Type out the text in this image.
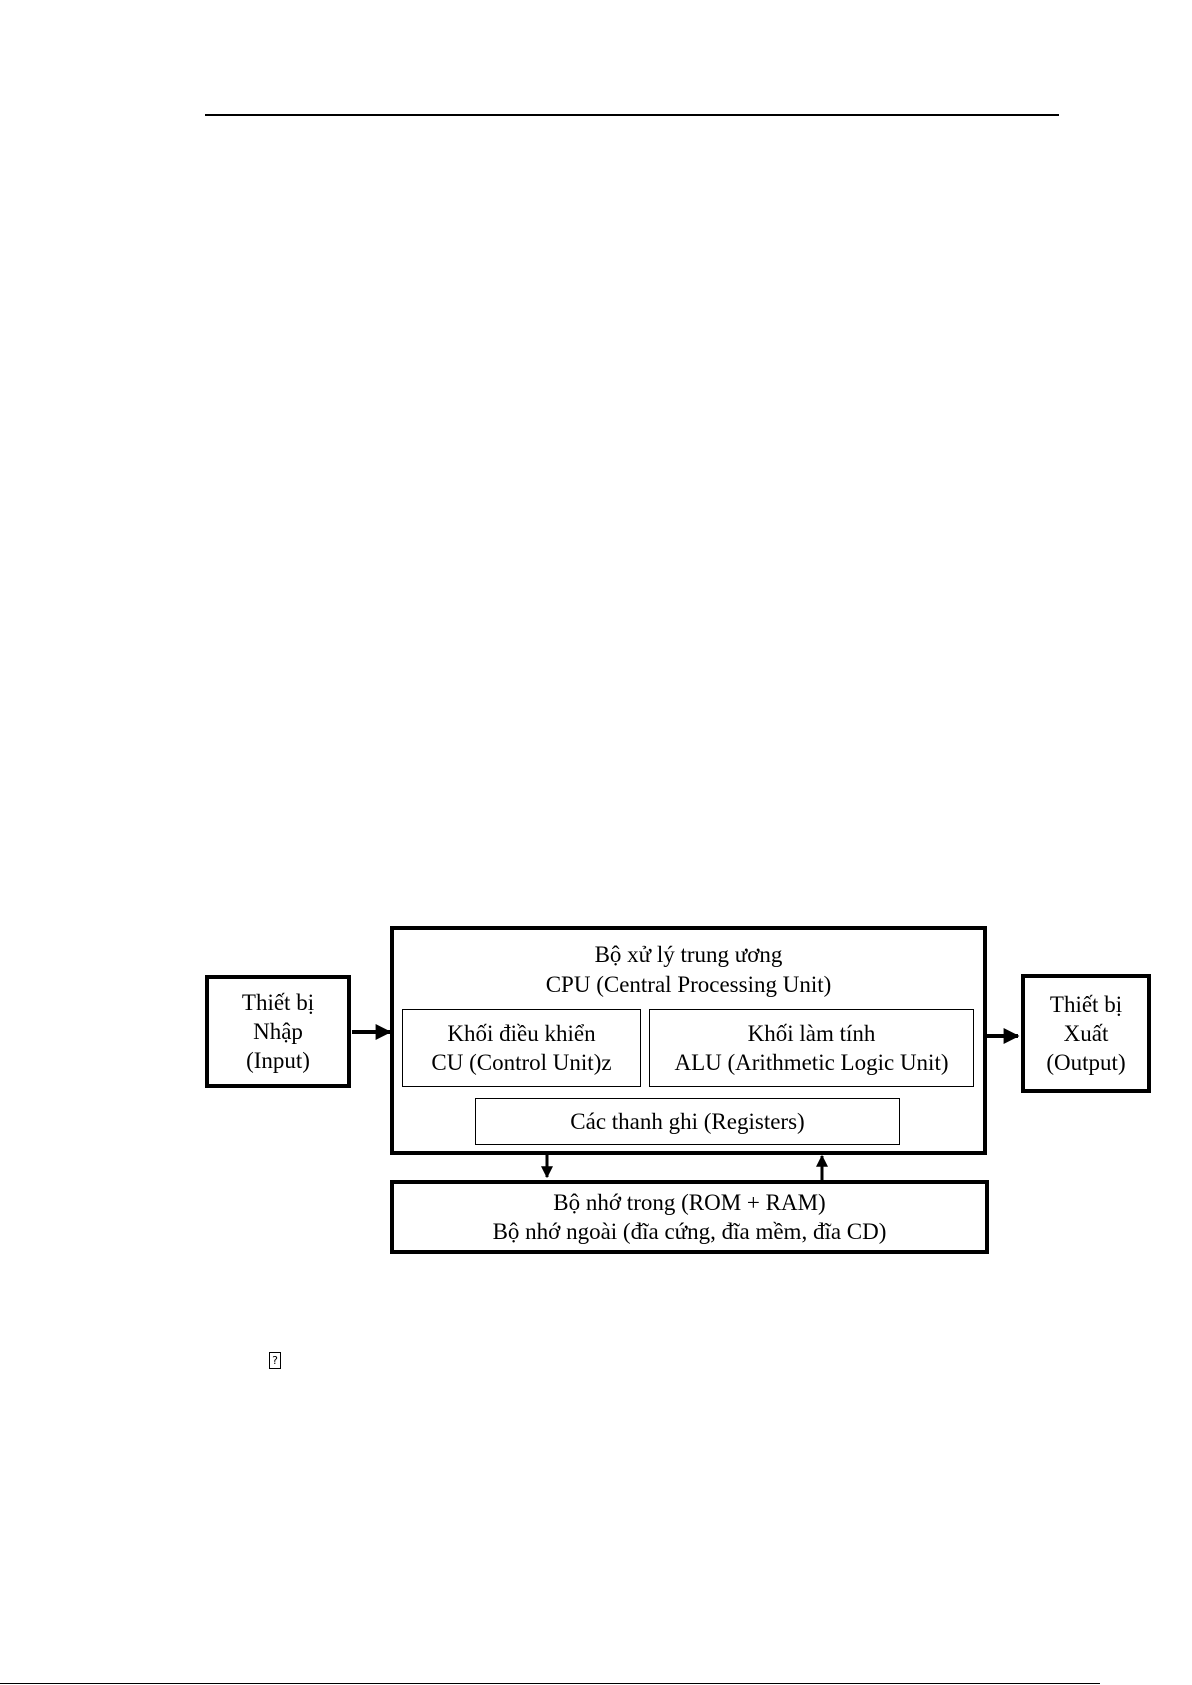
Thiết bị
Nhập
(Input)
Thiết bị
Xuất
(Output)
Bộ xử lý trung ương
CPU (Central Processing Unit)
Khối điều khiển
CU (Control Unit)z
Khối làm tính
ALU (Arithmetic Logic Unit)
Các thanh ghi (Registers)
Bộ nhớ trong (ROM + RAM)
Bộ nhớ ngoài (đĩa cứng, đĩa mềm, đĩa CD)
?
